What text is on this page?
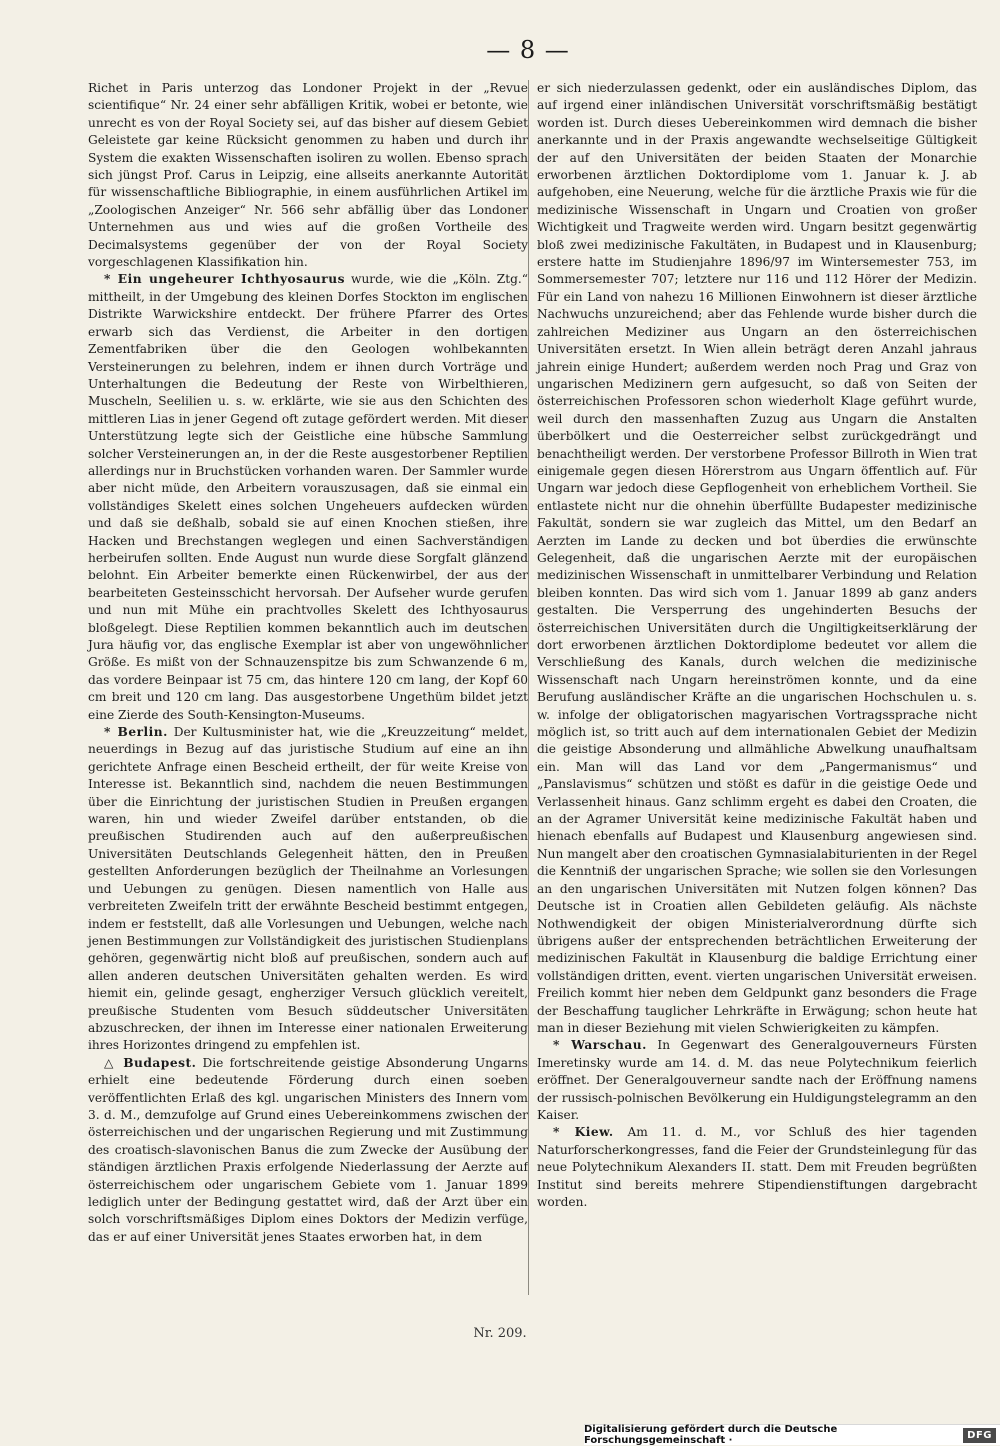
— 8 —

Richet in Paris unterzog das Londoner Projekt in der „Revue scientifique“ Nr. 24 einer sehr abfälligen Kritik, wobei er betonte, wie unrecht es von der Royal Society sei, auf das bisher auf diesem Gebiet Geleistete gar keine Rücksicht genommen zu haben und durch ihr System die exakten Wissenschaften isoliren zu wollen. Ebenso sprach sich jüngst Prof. Carus in Leipzig, eine allseits anerkannte Autorität für wissenschaftliche Bibliographie, in einem ausführlichen Artikel im „Zoologischen Anzeiger“ Nr. 566 sehr abfällig über das Londoner Unternehmen aus und wies auf die großen Vortheile des Decimalsystems gegenüber der von der Royal Society vorgeschlagenen Klassifikation hin.

* Ein ungeheurer Ichthyosaurus wurde, wie die „Köln. Ztg.“ mittheilt, in der Umgebung des kleinen Dorfes Stockton im englischen Distrikte Warwickshire entdeckt. Der frühere Pfarrer des Ortes erwarb sich das Verdienst, die Arbeiter in den dortigen Zementfabriken über die den Geologen wohlbekannten Versteinerungen zu belehren, indem er ihnen durch Vorträge und Unterhaltungen die Bedeutung der Reste von Wirbelthieren, Muscheln, Seelilien u. s. w. erklärte, wie sie aus den Schichten des mittleren Lias in jener Gegend oft zutage gefördert werden. Mit dieser Unterstützung legte sich der Geistliche eine hübsche Sammlung solcher Versteinerungen an, in der die Reste ausgestorbener Reptilien allerdings nur in Bruchstücken vorhanden waren. Der Sammler wurde aber nicht müde, den Arbeitern vorauszusagen, daß sie einmal ein vollständiges Skelett eines solchen Ungeheuers aufdecken würden und daß sie deßhalb, sobald sie auf einen Knochen stießen, ihre Hacken und Brechstangen weglegen und einen Sachverständigen herbeirufen sollten. Ende August nun wurde diese Sorgfalt glänzend belohnt. Ein Arbeiter bemerkte einen Rückenwirbel, der aus der bearbeiteten Gesteinsschicht hervorsah. Der Aufseher wurde gerufen und nun mit Mühe ein prachtvolles Skelett des Ichthyosaurus bloßgelegt. Diese Reptilien kommen bekanntlich auch im deutschen Jura häufig vor, das englische Exemplar ist aber von ungewöhnlicher Größe. Es mißt von der Schnauzenspitze bis zum Schwanzende 6 m, das vordere Beinpaar ist 75 cm, das hintere 120 cm lang, der Kopf 60 cm breit und 120 cm lang. Das ausgestorbene Ungethüm bildet jetzt eine Zierde des South-Kensington-Museums.

* Berlin. Der Kultusminister hat, wie die „Kreuzzeitung“ meldet, neuerdings in Bezug auf das juristische Studium auf eine an ihn gerichtete Anfrage einen Bescheid ertheilt, der für weite Kreise von Interesse ist. Bekanntlich sind, nachdem die neuen Bestimmungen über die Einrichtung der juristischen Studien in Preußen ergangen waren, hin und wieder Zweifel darüber entstanden, ob die preußischen Studirenden auch auf den außerpreußischen Universitäten Deutschlands Gelegenheit hätten, den in Preußen gestellten Anforderungen bezüglich der Theilnahme an Vorlesungen und Uebungen zu genügen. Diesen namentlich von Halle aus verbreiteten Zweifeln tritt der erwähnte Bescheid bestimmt entgegen, indem er feststellt, daß alle Vorlesungen und Uebungen, welche nach jenen Bestimmungen zur Vollständigkeit des juristischen Studienplans gehören, gegenwärtig nicht bloß auf preußischen, sondern auch auf allen anderen deutschen Universitäten gehalten werden. Es wird hiemit ein, gelinde gesagt, engherziger Versuch glücklich vereitelt, preußische Studenten vom Besuch süddeutscher Universitäten abzuschrecken, der ihnen im Interesse einer nationalen Erweiterung ihres Horizontes dringend zu empfehlen ist.

△ Budapest. Die fortschreitende geistige Absonderung Ungarns erhielt eine bedeutende Förderung durch einen soeben veröffentlichten Erlaß des kgl. ungarischen Ministers des Innern vom 3. d. M., demzufolge auf Grund eines Uebereinkommens zwischen der österreichischen und der ungarischen Regierung und mit Zustimmung des croatisch-slavonischen Banus die zum Zwecke der Ausübung der ständigen ärztlichen Praxis erfolgende Niederlassung der Aerzte auf österreichischem oder ungarischem Gebiete vom 1. Januar 1899 lediglich unter der Bedingung gestattet wird, daß der Arzt über ein solch vorschriftsmäßiges Diplom eines Doktors der Medizin verfüge, das er auf einer Universität jenes Staates erworben hat, in dem

er sich niederzulassen gedenkt, oder ein ausländisches Diplom, das auf irgend einer inländischen Universität vorschriftsmäßig bestätigt worden ist. Durch dieses Uebereinkommen wird demnach die bisher anerkannte und in der Praxis angewandte wechselseitige Gültigkeit der auf den Universitäten der beiden Staaten der Monarchie erworbenen ärztlichen Doktordiplome vom 1. Januar k. J. ab aufgehoben, eine Neuerung, welche für die ärztliche Praxis wie für die medizinische Wissenschaft in Ungarn und Croatien von großer Wichtigkeit und Tragweite werden wird. Ungarn besitzt gegenwärtig bloß zwei medizinische Fakultäten, in Budapest und in Klausenburg; erstere hatte im Studienjahre 1896/97 im Wintersemester 753, im Sommersemester 707; letztere nur 116 und 112 Hörer der Medizin. Für ein Land von nahezu 16 Millionen Einwohnern ist dieser ärztliche Nachwuchs unzureichend; aber das Fehlende wurde bisher durch die zahlreichen Mediziner aus Ungarn an den österreichischen Universitäten ersetzt. In Wien allein beträgt deren Anzahl jahraus jahrein einige Hundert; außerdem werden noch Prag und Graz von ungarischen Medizinern gern aufgesucht, so daß von Seiten der österreichischen Professoren schon wiederholt Klage geführt wurde, weil durch den massenhaften Zuzug aus Ungarn die Anstalten überbölkert und die Oesterreicher selbst zurückgedrängt und benachtheiligt werden. Der verstorbene Professor Billroth in Wien trat einigemale gegen diesen Hörerstrom aus Ungarn öffentlich auf. Für Ungarn war jedoch diese Gepflogenheit von erheblichem Vortheil. Sie entlastete nicht nur die ohnehin überfüllte Budapester medizinische Fakultät, sondern sie war zugleich das Mittel, um den Bedarf an Aerzten im Lande zu decken und bot überdies die erwünschte Gelegenheit, daß die ungarischen Aerzte mit der europäischen medizinischen Wissenschaft in unmittelbarer Verbindung und Relation bleiben konnten. Das wird sich vom 1. Januar 1899 ab ganz anders gestalten. Die Versperrung des ungehinderten Besuchs der österreichischen Universitäten durch die Ungiltigkeitserklärung der dort erworbenen ärztlichen Doktordiplome bedeutet vor allem die Verschließung des Kanals, durch welchen die medizinische Wissenschaft nach Ungarn hereinströmen konnte, und da eine Berufung ausländischer Kräfte an die ungarischen Hochschulen u. s. w. infolge der obligatorischen magyarischen Vortragssprache nicht möglich ist, so tritt auch auf dem internationalen Gebiet der Medizin die geistige Absonderung und allmähliche Abwelkung unaufhaltsam ein. Man will das Land vor dem „Pangermanismus“ und „Panslavismus“ schützen und stößt es dafür in die geistige Oede und Verlassenheit hinaus. Ganz schlimm ergeht es dabei den Croaten, die an der Agramer Universität keine medizinische Fakultät haben und hienach ebenfalls auf Budapest und Klausenburg angewiesen sind. Nun mangelt aber den croatischen Gymnasialabiturienten in der Regel die Kenntniß der ungarischen Sprache; wie sollen sie den Vorlesungen an den ungarischen Universitäten mit Nutzen folgen können? Das Deutsche ist in Croatien allen Gebildeten geläufig. Als nächste Nothwendigkeit der obigen Ministerialverordnung dürfte sich übrigens außer der entsprechenden beträchtlichen Erweiterung der medizinischen Fakultät in Klausenburg die baldige Errichtung einer vollständigen dritten, event. vierten ungarischen Universität erweisen. Freilich kommt hier neben dem Geldpunkt ganz besonders die Frage der Beschaffung tauglicher Lehrkräfte in Erwägung; schon heute hat man in dieser Beziehung mit vielen Schwierigkeiten zu kämpfen.

* Warschau. In Gegenwart des Generalgouverneurs Fürsten Imeretinsky wurde am 14. d. M. das neue Polytechnikum feierlich eröffnet. Der Generalgouverneur sandte nach der Eröffnung namens der russisch-polnischen Bevölkerung ein Huldigungstelegramm an den Kaiser.

* Kiew. Am 11. d. M., vor Schluß des hier tagenden Naturforscherkongresses, fand die Feier der Grundsteinlegung für das neue Polytechnikum Alexanders II. statt. Dem mit Freuden begrüßten Institut sind bereits mehrere Stipendienstiftungen dargebracht worden.

Nr. 209.
Digitalisierung gefördert durch die Deutsche Forschungsgemeinschaft ·	DFG
